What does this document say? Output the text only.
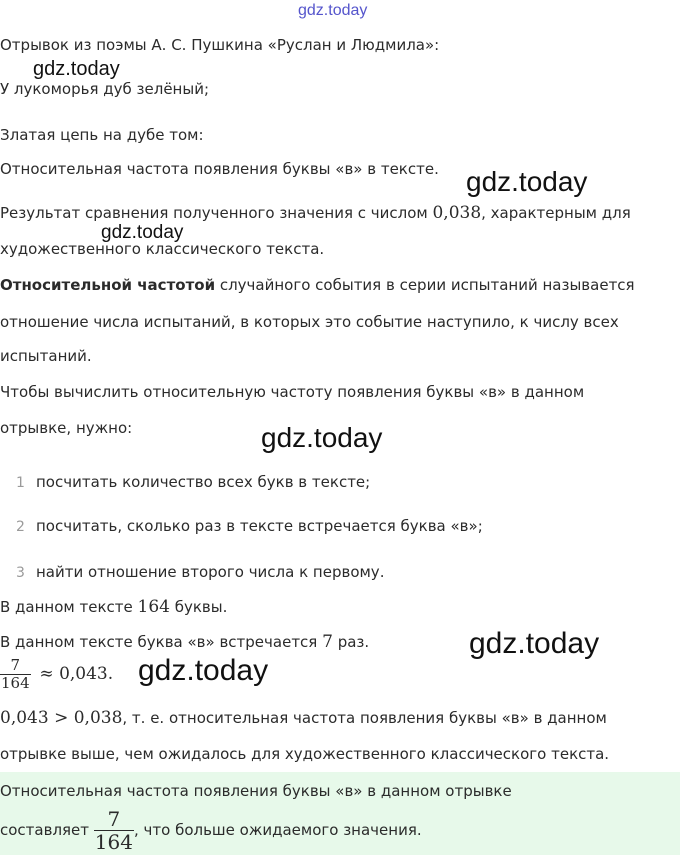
gdz.today
Отрывок из поэмы А. С. Пушкина «Руслан и Людмила»:
У лукоморья дуб зелёный;
Златая цепь на дубе том:
Относительная частота появления буквы «в» в тексте.
Результат сравнения полученного значения с числом 0,038, характерным для
художественного классического текста.
Относительной частотой случайного события в серии испытаний называется
отношение числа испытаний, в которых это событие наступило, к числу всех
испытаний.
Чтобы вычислить относительную частоту появления буквы «в» в данном
отрывке, нужно:
1 посчитать количество всех букв в тексте;
2 посчитать, сколько раз в тексте встречается буква «в»;
3 найти отношение второго числа к первому.
В данном тексте 164 буквы.
В данном тексте буква «в» встречается 7 раз.
$\frac{7}{164} \approx 0,043$.
0,043 > 0,038, т. е. относительная частота появления буквы «в» в данном
отрывке выше, чем ожидалось для художественного классического текста.
Относительная частота появления буквы «в» в данном отрывке
составляет $\frac{7}{164}$ , что больше ожидаемого значения.
gdz.today
gdz.today
gdz.today
gdz.today
gdz.today
gdz.today
